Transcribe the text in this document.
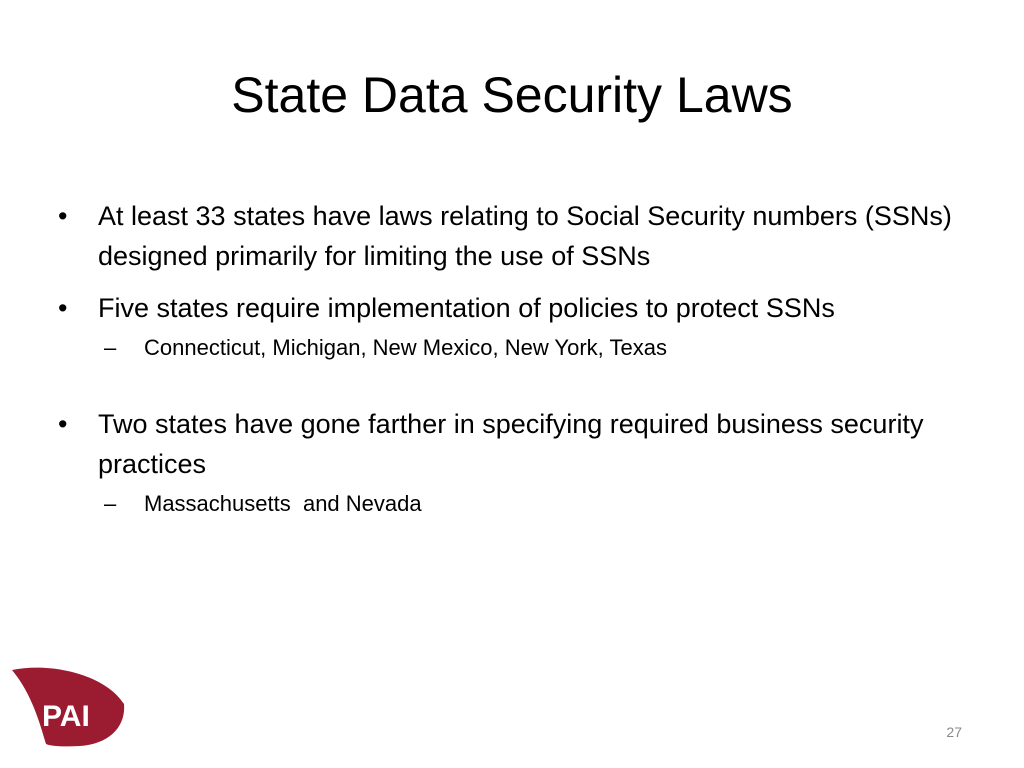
State Data Security Laws
•	At least 33 states have laws relating to Social Security numbers (SSNs) designed primarily for limiting the use of SSNs
•	Five states require implementation of policies to protect SSNs
– Connecticut, Michigan, New Mexico, New York, Texas
•	Two states have gone farther in specifying required business security practices
– Massachusetts  and Nevada
PAI	27
